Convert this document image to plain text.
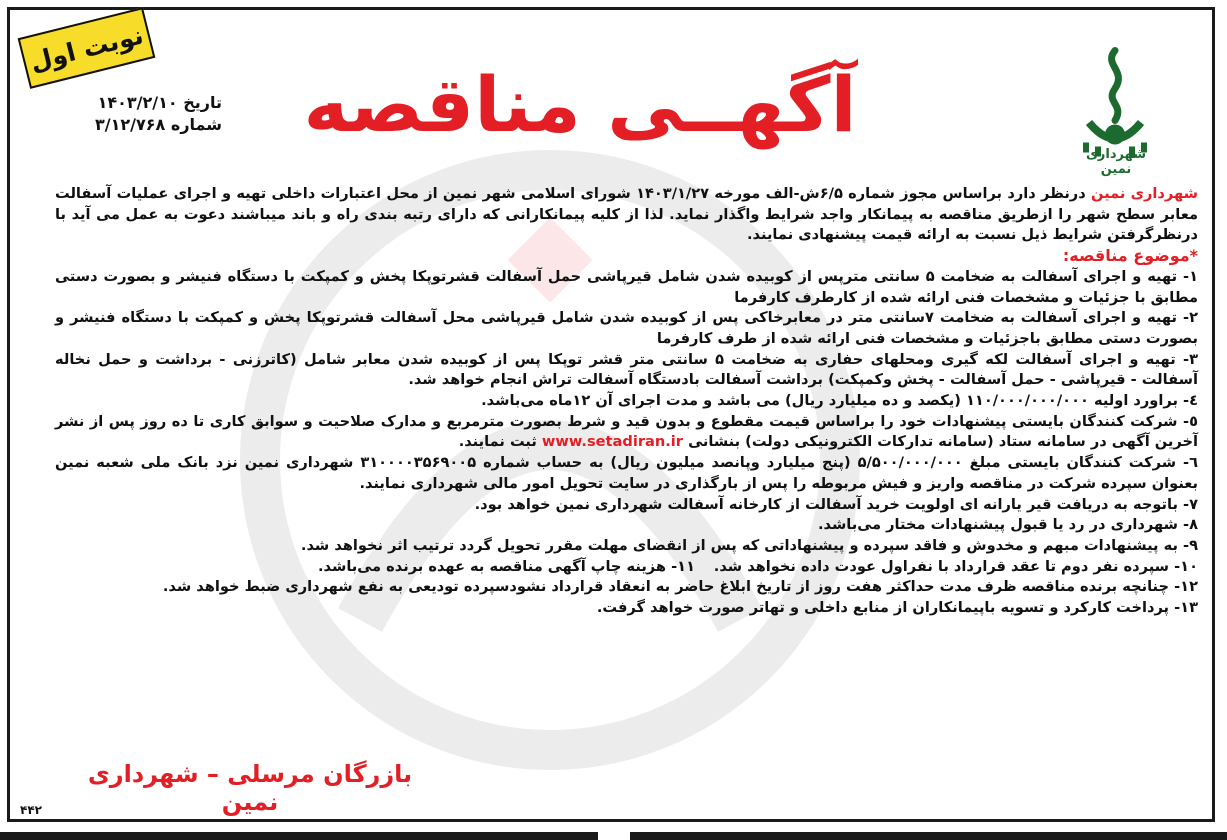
نوبت اول
تاریخ ۱۴۰۳/۲/۱۰
شماره ۳/۱۲/۷۶۸ آگهــی مناقصه
شهرداری نمین

شهرداری نمین درنظر دارد براساس مجوز شماره ۶/۵ش-الف مورخه ۱۴۰۳/۱/۲۷ شورای اسلامی شهر نمین از محل اعتبارات داخلی تهیه و اجرای عملیات آسفالت معابر سطح شهر را ازطریق مناقصه به پیمانکار واجد شرایط واگذار نماید. لذا از کلیه پیمانکارانی که دارای رتبه بندی راه و باند میباشند دعوت به عمل می آید با درنظرگرفتن شرایط ذیل نسبت به ارائه قیمت پیشنهادی نمایند.

*موضوع مناقصه:

۱- تهیه و اجرای آسفالت به ضخامت ۵ سانتی مترپس از کوبیده شدن شامل قیرپاشی حمل آسفالت قشرتوپکا پخش و کمپکت با دستگاه فنیشر و بصورت دستی مطابق با جزئیات و مشخصات فنی ارائه شده از کارطرف کارفرما

۲- تهیه و اجرای آسفالت به ضخامت ۷سانتی متر در معابرخاکی پس از کوبیده شدن شامل قیرپاشی محل آسفالت قشرتوپکا پخش و کمپکت با دستگاه فنیشر و بصورت دستی مطابق باجزئیات و مشخصات فنی ارائه شده از طرف کارفرما

۳- تهیه و اجرای آسفالت لکه گیری ومحلهای حفاری به ضخامت ۵ سانتی متر قشر توپکا پس از کوبیده شدن معابر شامل (کاترزنی - برداشت و حمل نخاله آسفالت - قیرپاشی - حمل آسفالت - پخش وکمپکت) برداشت آسفالت بادستگاه آسفالت تراش انجام خواهد شد.

٤- براورد اولیه ۱۱۰/۰۰۰/۰۰۰/۰۰۰ (یکصد و ده میلیارد ریال) می باشد و مدت اجرای آن ۱۲ماه می‌باشد.

٥- شرکت کنندگان بایستی پیشنهادات خود را براساس قیمت مقطوع و بدون قید و شرط بصورت مترمربع و مدارک صلاحیت و سوابق کاری تا ده روز پس از نشر آخرین آگهی در سامانه ستاد (سامانه تدارکات الکترونیکی دولت) بنشانی www.setadiran.ir ثبت نمایند.

٦- شرکت کنندگان بایستی مبلغ ۵/۵۰۰/۰۰۰/۰۰۰ (پنج میلیارد وپانصد میلیون ریال) به حساب شماره ۳۱۰۰۰۰۳۵۶۹۰۰۵ شهرداری نمین نزد بانک ملی شعبه نمین بعنوان سپرده شرکت در مناقصه واریز و فیش مربوطه را پس از بارگذاری در سایت تحویل امور مالی شهرداری نمایند.

۷- باتوجه به دریافت قیر یارانه ای اولویت خرید آسفالت از کارخانه آسفالت شهرداری نمین خواهد بود.

۸- شهرداری در رد یا قبول پیشنهادات مختار می‌باشد.

۹- به پیشنهادات مبهم و مخدوش و فاقد سپرده و پیشنهاداتی که پس از انقضای مهلت مقرر تحویل گردد ترتیب اثر نخواهد شد.

۱۰- سپرده نفر دوم تا عقد قرارداد با نفراول عودت داده نخواهد شد.
۱۱- هزینه چاپ آگهی مناقصه به عهده برنده می‌باشد.

۱۲- چنانچه برنده مناقصه ظرف مدت حداکثر هفت روز از تاریخ ابلاغ حاضر به انعقاد قرارداد نشودسپرده تودیعی به نفع شهرداری ضبط خواهد شد.

۱۳- پرداخت کارکرد و تسویه باپیمانکاران از منابع داخلی و تهاتر صورت خواهد گرفت.

بازرگان مرسلی – شهرداری نمین
۴۴۲
